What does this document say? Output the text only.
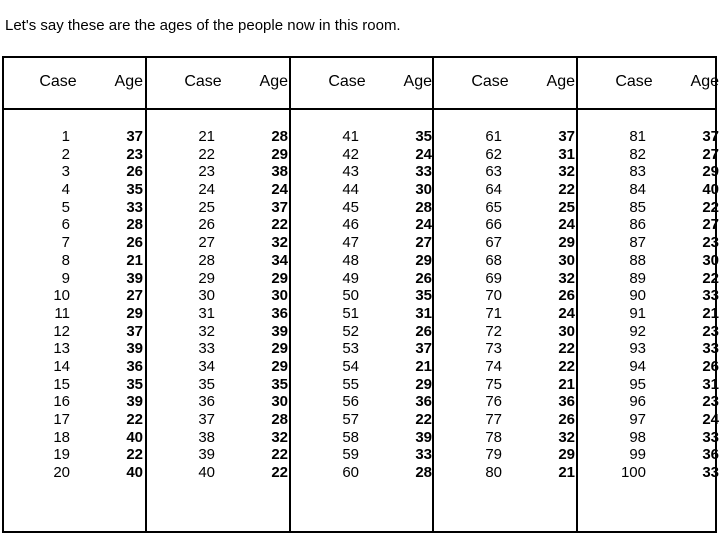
Let's say these are the ages of the people now in this room.
Case	Age
1	37
2	23
3	26
4	35
5	33
6	28
7	26
8	21
9	39
10	27
11	29
12	37
13	39
14	36
15	35
16	39
17	22
18	40
19	22
20	40
Case	Age
21	28
22	29
23	38
24	24
25	37
26	22
27	32
28	34
29	29
30	30
31	36
32	39
33	29
34	29
35	35
36	30
37	28
38	32
39	22
40	22
Case	Age
41	35
42	24
43	33
44	30
45	28
46	24
47	27
48	29
49	26
50	35
51	31
52	26
53	37
54	21
55	29
56	36
57	22
58	39
59	33
60	28
Case	Age
61	37
62	31
63	32
64	22
65	25
66	24
67	29
68	30
69	32
70	26
71	24
72	30
73	22
74	22
75	21
76	36
77	26
78	32
79	29
80	21
Case	Age
81	37
82	27
83	29
84	40
85	22
86	27
87	23
88	30
89	22
90	33
91	21
92	23
93	33
94	26
95	31
96	23
97	24
98	33
99	36
100	33
